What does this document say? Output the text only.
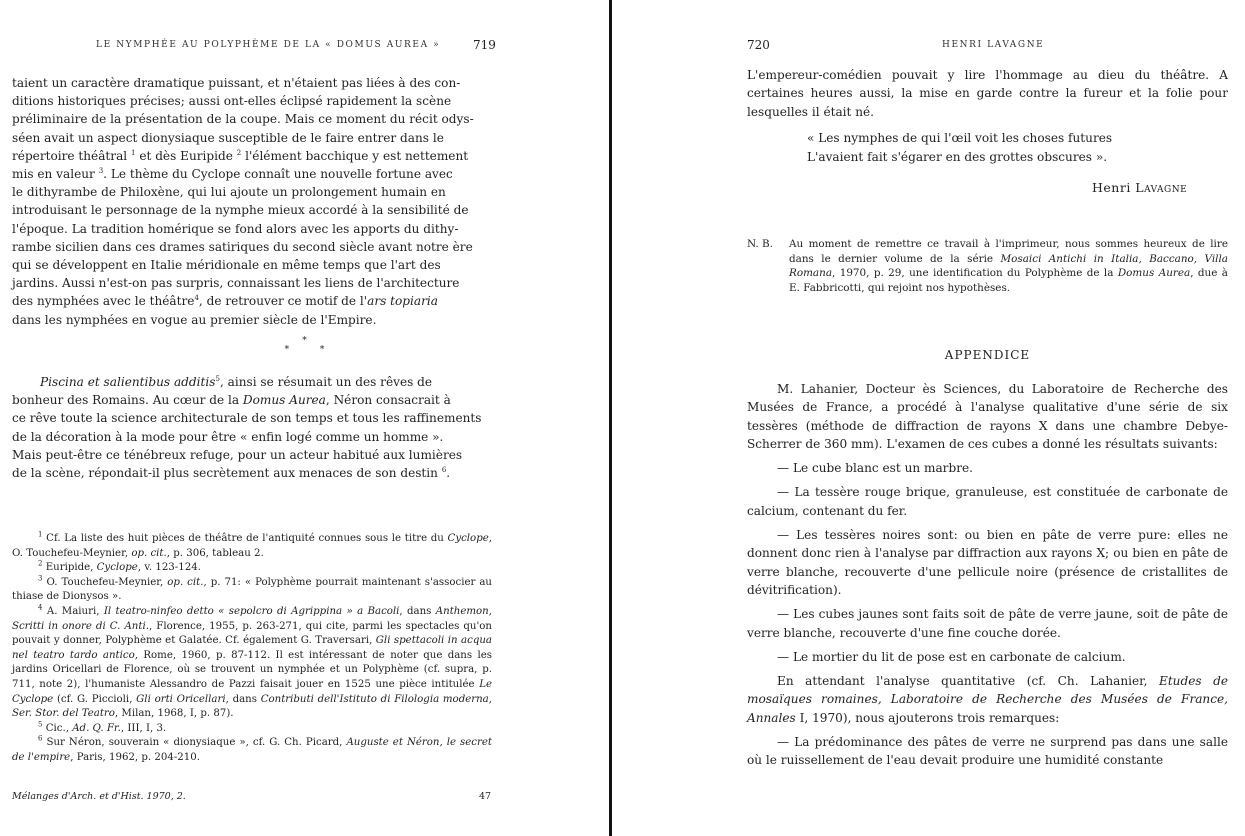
LE NYMPHÉE AU POLYPHÈME DE LA « DOMUS AUREA »	719

taient un caractère dramatique puissant, et n'étaient pas liées à des con-

ditions historiques précises; aussi ont-elles éclipsé rapidement la scène

préliminaire de la présentation de la coupe. Mais ce moment du récit odys-

séen avait un aspect dionysiaque susceptible de le faire entrer dans le

répertoire théâtral $^1$ et dès Euripide $^2$ l'élément bacchique y est nettement

mis en valeur $^3$. Le thème du Cyclope connaît une nouvelle fortune avec

le dithyrambe de Philoxène, qui lui ajoute un prolongement humain en

introduisant le personnage de la nymphe mieux accordé à la sensibilité de

l'époque. La tradition homérique se fond alors avec les apports du dithy-

rambe sicilien dans ces drames satiriques du second siècle avant notre ère

qui se développent en Italie méridionale en même temps que l'art des

jardins. Aussi n'est-on pas surpris, connaissant les liens de l'architecture

des nymphées avec le théâtre$^4$, de retrouver ce motif de l'ars topiaria

dans les nymphées en vogue au premier siècle de l'Empire.

*
* *

Piscina et salientibus additis$^5$, ainsi se résumait un des rêves de

bonheur des Romains. Au cœur de la Domus Aurea, Néron consacrait à

ce rêve toute la science architecturale de son temps et tous les raffinements

de la décoration à la mode pour être « enfin logé comme un homme ».

Mais peut-être ce ténébreux refuge, pour un acteur habitué aux lumières

de la scène, répondait-il plus secrètement aux menaces de son destin $^6$.

$^1$ Cf. La liste des huit pièces de théâtre de l'antiquité connues sous le titre du Cyclope, O. Touchefeu-Meynier, op. cit., p. 306, tableau 2.

$^2$ Euripide, Cyclope, v. 123-124.

$^3$ O. Touchefeu-Meynier, op. cit., p. 71: « Polyphème pourrait maintenant s'associer au thiase de Dionysos ».

$^4$ A. Maiuri, Il teatro-ninfeo detto « sepolcro di Agrippina » a Bacoli, dans Anthemon, Scritti in onore di C. Anti., Florence, 1955, p. 263-271, qui cite, parmi les spectacles qu'on pouvait y donner, Polyphème et Galatée. Cf. également G. Traversari, Gli spettacoli in acqua nel teatro tardo antico, Rome, 1960, p. 87-112. Il est intéressant de noter que dans les jardins Oricellari de Florence, où se trouvent un nymphée et un Polyphème (cf. supra, p. 711, note 2), l'humaniste Alessandro de Pazzi faisait jouer en 1525 une pièce intitulée Le Cyclope (cf. G. Piccioli, Gli orti Oricellari, dans Contributi dell'Istituto di Filologia moderna, Ser. Stor. del Teatro, Milan, 1968, I, p. 87).

$^5$ Cic., Ad. Q. Fr., III, I, 3.

$^6$ Sur Néron, souverain « dionysiaque », cf. G. Ch. Picard, Auguste et Néron, le secret de l'empire, Paris, 1962, p. 204-210.

Mélanges d'Arch. et d'Hist. 1970, 2.	47
720	HENRI LAVAGNE

L'empereur-comédien pouvait y lire l'hommage au dieu du théâtre. A certaines heures aussi, la mise en garde contre la fureur et la folie pour lesquelles il était né.

« Les nymphes de qui l'œil voit les choses futures
L'avaient fait s'égarer en des grottes obscures ».
Henri Lavagne
N. B. Au moment de remettre ce travail à l'imprimeur, nous sommes heureux de lire dans le dernier volume de la série Mosaici Antichi in Italia, Baccano, Villa Romana, 1970, p. 29, une identification du Polyphème de la Domus Aurea, due à E. Fabbricotti, qui rejoint nos hypothèses.
APPENDICE

M. Lahanier, Docteur ès Sciences, du Laboratoire de Recherche des Musées de France, a procédé à l'analyse qualitative d'une série de six tessères (méthode de diffraction de rayons X dans une chambre Debye-Scherrer de 360 mm). L'examen de ces cubes a donné les résultats suivants:

— Le cube blanc est un marbre.

— La tessère rouge brique, granuleuse, est constituée de carbonate de calcium, contenant du fer.

— Les tessères noires sont: ou bien en pâte de verre pure: elles ne donnent donc rien à l'analyse par diffraction aux rayons X; ou bien en pâte de verre blanche, recouverte d'une pellicule noire (présence de cristallites de dévitrification).

— Les cubes jaunes sont faits soit de pâte de verre jaune, soit de pâte de verre blanche, recouverte d'une fine couche dorée.

— Le mortier du lit de pose est en carbonate de calcium.

En attendant l'analyse quantitative (cf. Ch. Lahanier, Etudes de mosaïques romaines, Laboratoire de Recherche des Musées de France, Annales I, 1970), nous ajouterons trois remarques:

— La prédominance des pâtes de verre ne surprend pas dans une salle où le ruissellement de l'eau devait produire une humidité constante
